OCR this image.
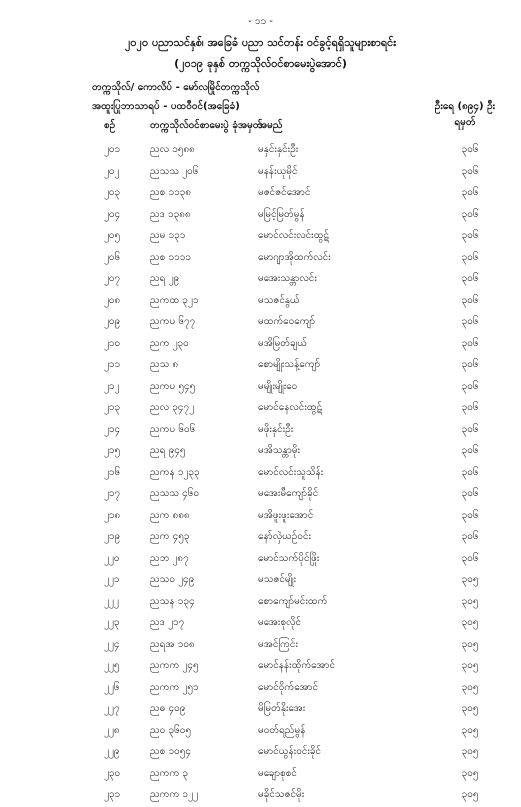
- ၁၁ -
၂၀၂၀ ပညာသင်နှစ်၊ အခြေခံ ပညာ သင်တန်း ဝင်ခွင့်ရရှိသူများစာရင်း
(၂၀၁၉ ခုနှစ် တက္ကသိုလ်ဝင်စာမေးပွဲအောင်)
တက္ကသိုလ်/ ကောလိပ် - မော်လမြိုင်တက္ကသိုလ်
အထူးပြုဘာသာရပ် - ပထဝီဝင်(အခြေခံ)	ဦးရေ (၈၉၄) ဦး
ရမှတ်
စဉ်	တက္ကသိုလ်ဝင်စာမေးပွဲ ခုံအမှတ်
အမည်
၂၀၁	ညလ ၁၅၈၈	မနှင်းနှင်းဦး	၃၀၆
၂၀၂	ညသသ ၂၀၆	မနန်းယုမိုင်	၃၀၆
၂၀၃	ညစ ၁၁၃၈	မဇင်ဇင်အောင်	၃၀၆
၂၀၄	ညဒ ၁၃၈၈	မမြင့်မြတ်မွန်	၃၀၆
၂၀၅	ညမ ၁၃၁	မောင်လင်းလင်းထွဋ်	၃၀၆
၂၀၆	ညစ ၁၁၁၁	မောဂျာအိုထက်လင်း	၃၀၆
၂၀၇	ညရ ၂၉	မအေးသန္တာလင်း	၃၀၆
၂၀၈	ညကထ ၃၂၁	မသဇင်နွယ်	၃၀၆
၂၀၉	ညကပ ၆၇၇	မထက်ဝေကျော်	၃၀၆
၂၁၀	ညက ၂၃၀	မအိမြတ်ချယ်	၃၀၆
၂၁၁	ညသ ၈	စောမျိုးသန့်ကျော်	၃၀၆
၂၁၂	ညကပ ၅၄၅	မမျိုးမျိုးဝေ	၃၀၆
၂၁၃	ညလ ၃၄၇၂	မောင်နေလင်းထွဋ်	၃၀၆
၂၁၄	ညကပ ၆၀၆	မဖိုးနှင်းဦး	၃၀၆
၂၁၅	ညရ ၉၄၅	မအိသန္တာမိုး	၃၀၆
၂၁၆	ညကန ၁၂၃၃	မောင်လင်းသူသိန်း	၃၀၆
၂၁၇	ညသသ ၄၆၀	မအေးမီကျော်ခိုင်	၃၀၆
၂၁၈	ညက ၈၈၈	မအိဖူးဖူးအောင်	၃၀၆
၂၁၉	ညက ၄၅၃	နော်လှဲယဉ်ဝင်း	၃၀၆
၂၂၀	ညဘ ၂၈၇	မောင်သက်ပိုင်ဖြိုး	၃၀၆
၂၂၁	ညသဝ ၂၄၉	မသဇင်မျိုး	၃၀၅
၂၂၂	ညသန ၁၃၄	စောကျော်မင်းထက်	၃၀၅
၂၂၃	ညဒ ၂၁၇	မအေးစုလိုင်	၃၀၅
၂၂၄	ညရအ ၁၀၈	မအင်ကြင်း	၃၀၅
၂၂၅	ညကက ၂၄၅	မောင်နန်းထိုက်အောင်	၃၀၅
၂၂၆	ညကက ၂၅၁	မောင်ဝိုက်အောင်	၃၀၅
၂၂၇	ညဓ ၄၀၉	မိမြတ်နိုးအေး	၃၀၅
၂၂၈	ညဝ ၃၆၀၅	မဝတ်ရည်မွန်	၃၀၅
၂၂၉	ညစ ၁၀၅၄	မောင်ယွန်းဝင်းခိုင်	၃၀၅
၂၃၀	ညကက ၃	မချောစုစင်	၃၀၅
၂၃၁	ညကက ၁၂၂	မခိုင်သဇင်မိုး	၃၀၅
